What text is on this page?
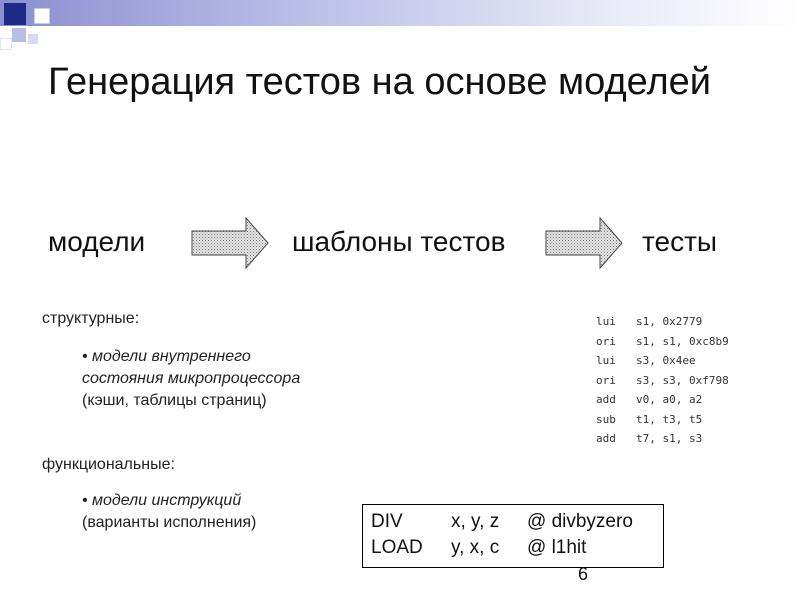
Генерация тестов на основе моделей
модели	шаблоны тестов	тесты
структурные:
• модели внутреннего
состояния микропроцессора
(кэши, таблицы страниц)
функциональные:
• модели инструкций
(варианты исполнения)
lui s1, 0x2779
ori s1, s1, 0xc8b9
lui s3, 0x4ee
ori s3, s3, 0xf798
add v0, a0, a2
sub t1, t3, t5
add t7, s1, s3
DIV	x, y, z @ divbyzero
LOAD y, x, c @ l1hit
6
